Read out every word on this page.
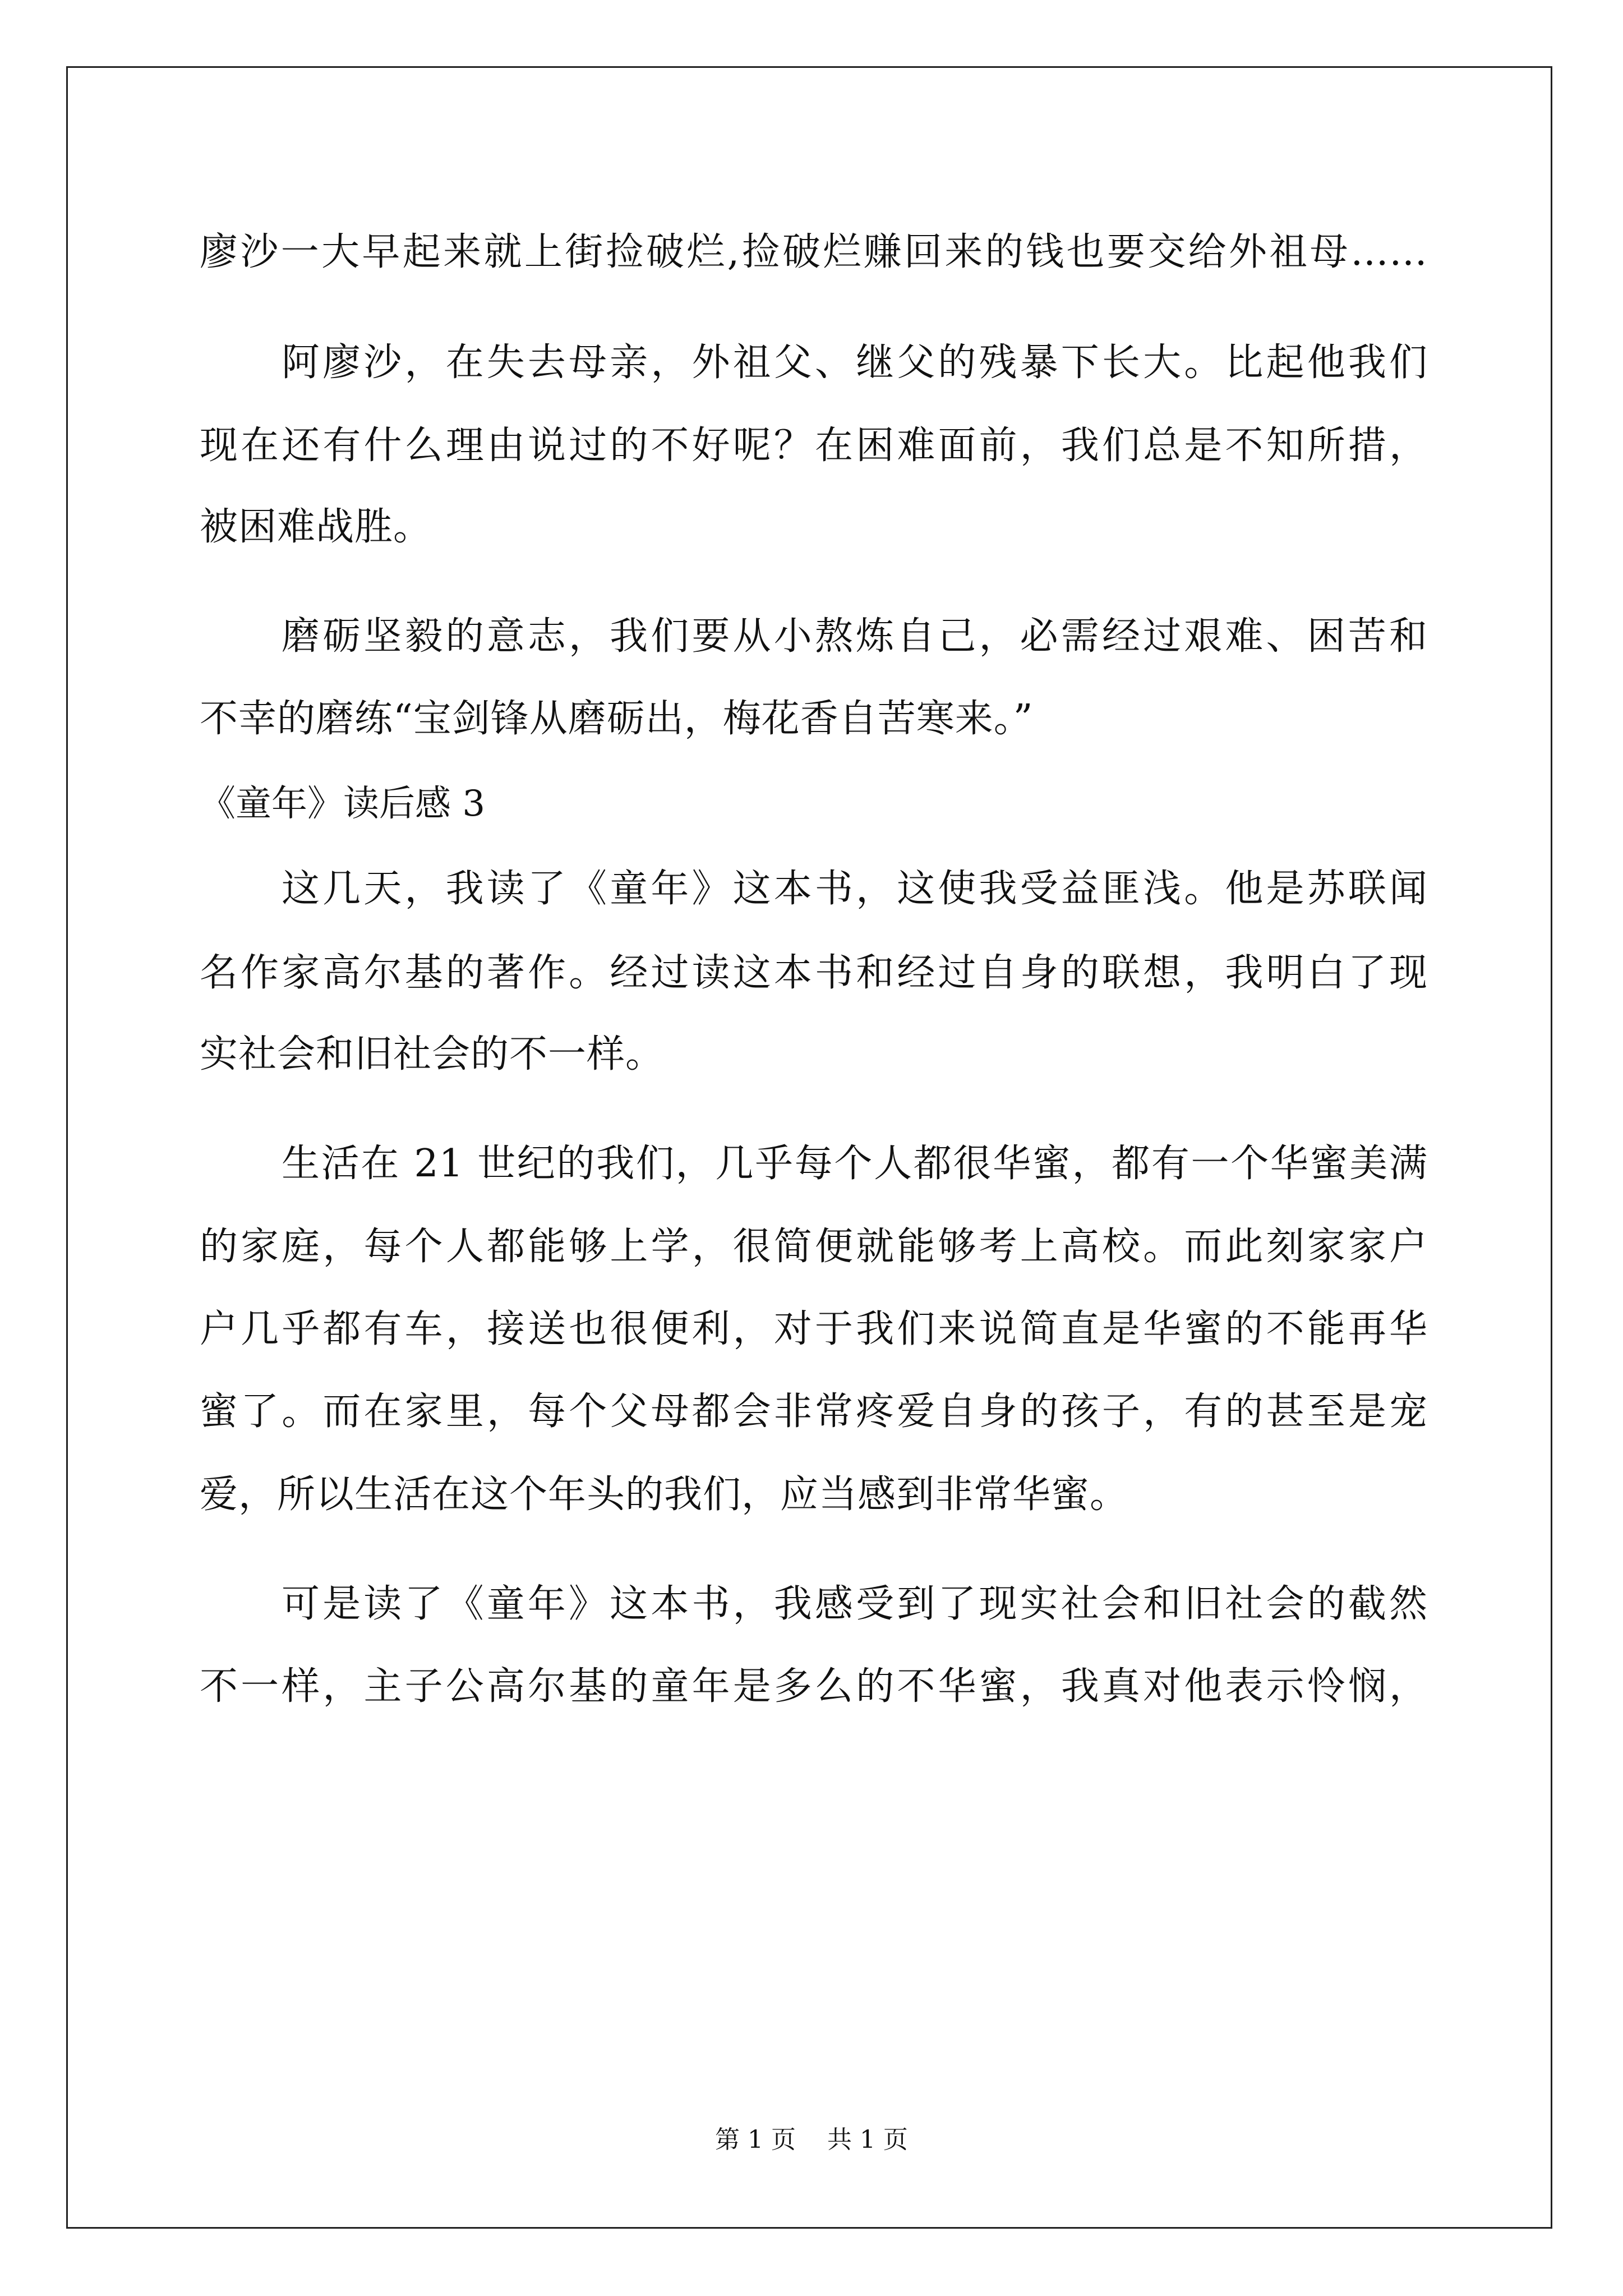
廖沙一大早起来就上街捡破烂,捡破烂赚回来的钱也要交给外祖母……
阿廖沙，在失去母亲，外祖父、继父的残暴下长大。比起他我们
现在还有什么理由说过的不好呢？在困难面前，我们总是不知所措，
被困难战胜。
磨砺坚毅的意志，我们要从小熬炼自己，必需经过艰难、困苦和
不幸的磨练“宝剑锋从磨砺出，梅花香自苦寒来。”
《童年》读后感 3
这几天，我读了《童年》这本书，这使我受益匪浅。他是苏联闻
名作家高尔基的著作。经过读这本书和经过自身的联想，我明白了现
实社会和旧社会的不一样。
生活在 21 世纪的我们，几乎每个人都很华蜜，都有一个华蜜美满
的家庭，每个人都能够上学，很简便就能够考上高校。而此刻家家户
户几乎都有车，接送也很便利，对于我们来说简直是华蜜的不能再华
蜜了。而在家里，每个父母都会非常疼爱自身的孩子，有的甚至是宠
爱，所以生活在这个年头的我们，应当感到非常华蜜。
可是读了《童年》这本书，我感受到了现实社会和旧社会的截然
不一样，主子公高尔基的童年是多么的不华蜜，我真对他表示怜悯，
第 1 页 共 1 页
